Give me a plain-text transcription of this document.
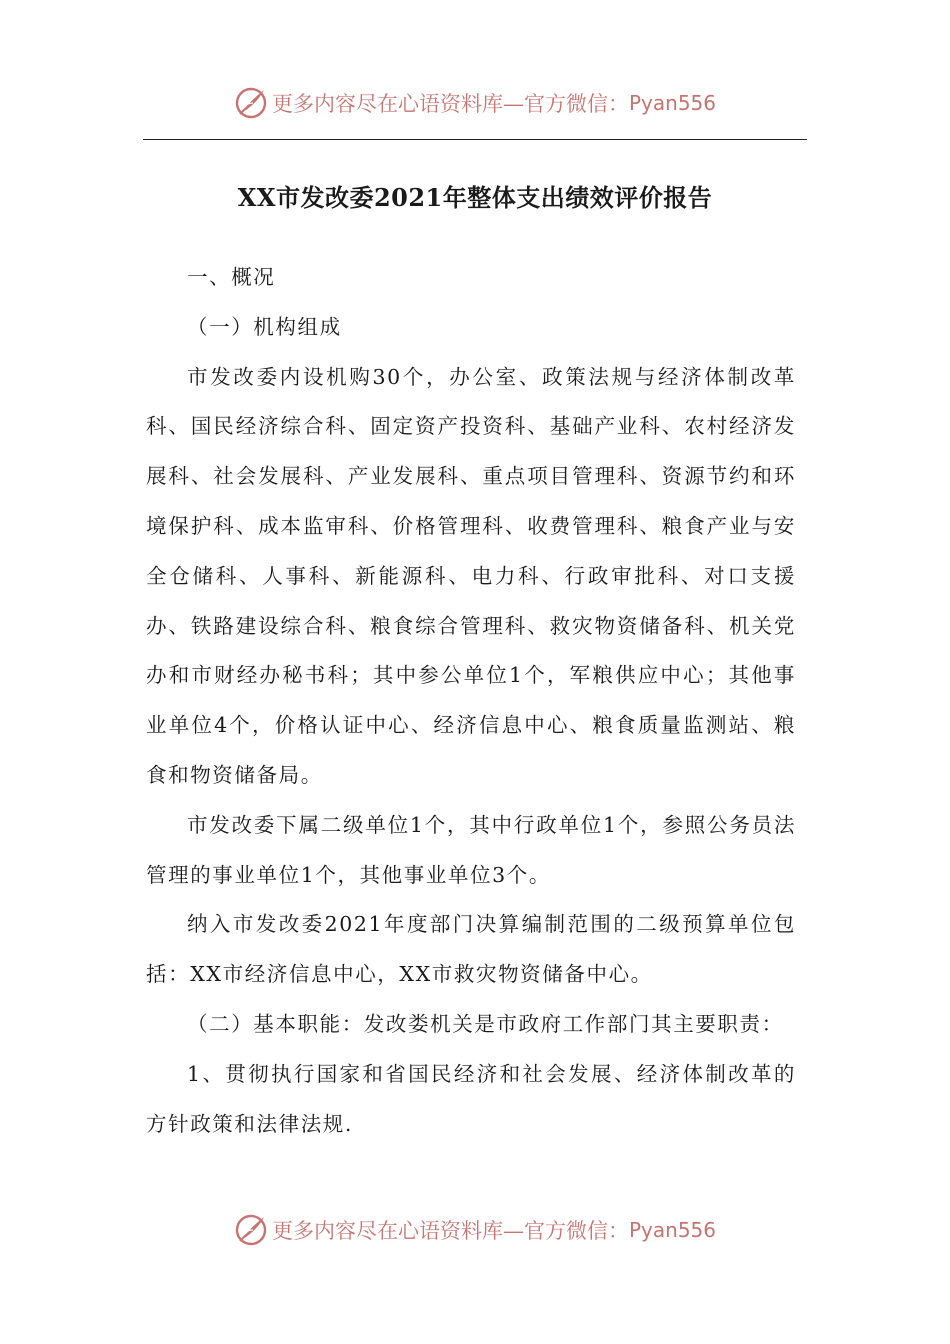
更多内容尽在心语资料库—官方微信： Pyan556
XX市发改委2021年整体支出绩效评价报告

一、概况

（一）机构组成

市发改委内设机购30个，办公室、政策法规与经济体制改革科、国民经济综合科、固定资产投资科、基础产业科、农村经济发展科、社会发展科、产业发展科、重点项目管理科、资源节约和环境保护科、成本监审科、价格管理科、收费管理科、粮食产业与安全仓储科、人事科、新能源科、电力科、行政审批科、对口支援办、铁路建设综合科、粮食综合管理科、救灾物资储备科、机关党办和市财经办秘书科；其中参公单位1个，军粮供应中心；其他事业单位4个，价格认证中心、经济信息中心、粮食质量监测站、粮食和物资储备局。

市发改委下属二级单位1个，其中行政单位1个，参照公务员法管理的事业单位1个，其他事业单位3个。

纳入市发改委2021年度部门决算编制范围的二级预算单位包括：XX市经济信息中心，XX市救灾物资储备中心。

（二）基本职能：发改娄机关是市政府工作部门其主要职责：

1、贯彻执行国家和省国民经济和社会发展、经济体制改革的方针政策和法律法规.

更多内容尽在心语资料库—官方微信： Pyan556
